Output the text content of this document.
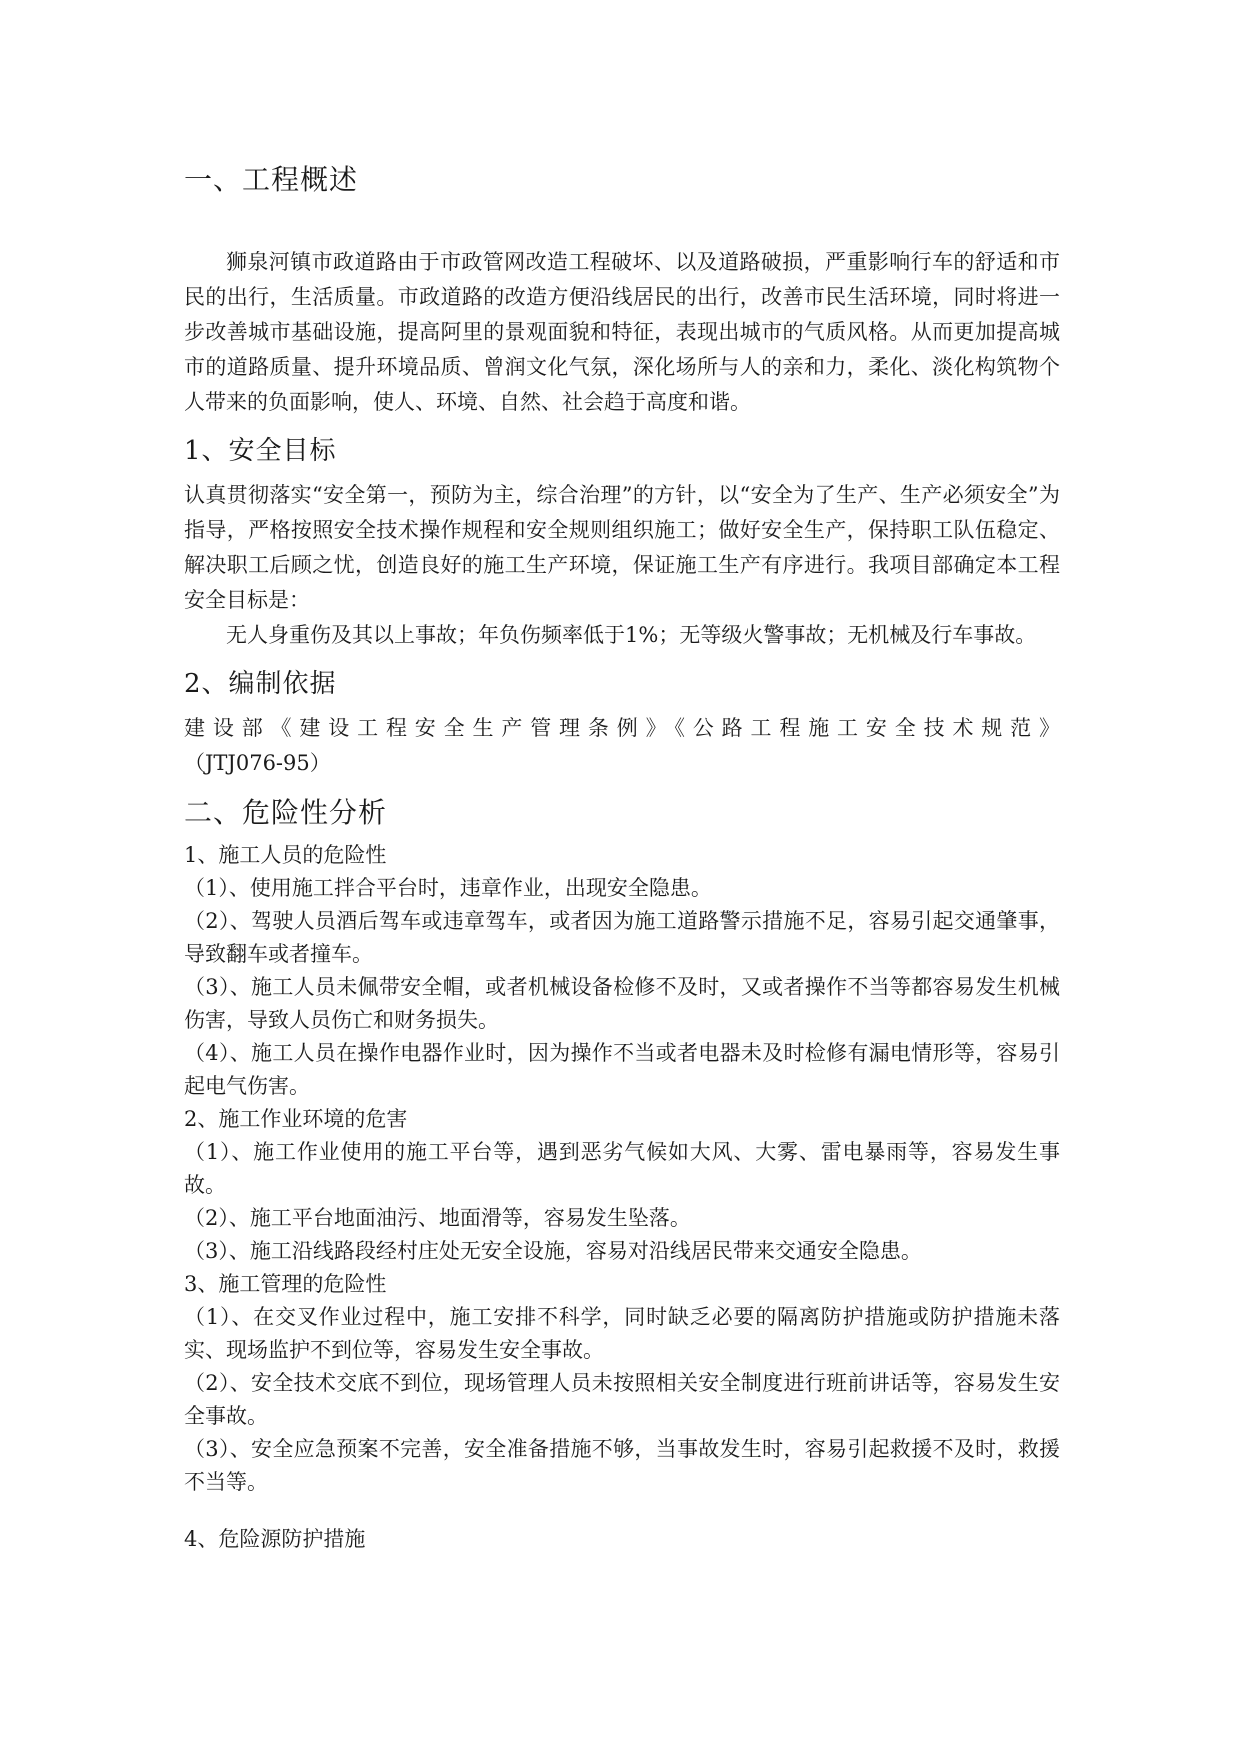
一、工程概述

狮泉河镇市政道路由于市政管网改造工程破坏、以及道路破损，严重影响行车的舒适和市民的出行，生活质量。市政道路的改造方便沿线居民的出行，改善市民生活环境，同时将进一步改善城市基础设施，提高阿里的景观面貌和特征，表现出城市的气质风格。从而更加提高城市的道路质量、提升环境品质、曾润文化气氛，深化场所与人的亲和力，柔化、淡化构筑物个人带来的负面影响，使人、环境、自然、社会趋于高度和谐。

1、安全目标

认真贯彻落实“安全第一，预防为主，综合治理”的方针，以“安全为了生产、生产必须安全”为指导，严格按照安全技术操作规程和安全规则组织施工；做好安全生产，保持职工队伍稳定、解决职工后顾之忧，创造良好的施工生产环境，保证施工生产有序进行。我项目部确定本工程安全目标是：

无人身重伤及其以上事故；年负伤频率低于1%；无等级火警事故；无机械及行车事故。

2、编制依据

建设部《建设工程安全生产管理条例》《公路工程施工安全技术规范》

（JTJ076-95）

二、危险性分析

1、施工人员的危险性

（1）、使用施工拌合平台时，违章作业，出现安全隐患。

（2）、驾驶人员酒后驾车或违章驾车，或者因为施工道路警示措施不足，容易引起交通肇事，导致翻车或者撞车。

（3）、施工人员未佩带安全帽，或者机械设备检修不及时，又或者操作不当等都容易发生机械伤害，导致人员伤亡和财务损失。

（4）、施工人员在操作电器作业时，因为操作不当或者电器未及时检修有漏电情形等，容易引起电气伤害。

2、施工作业环境的危害

（1）、施工作业使用的施工平台等，遇到恶劣气候如大风、大雾、雷电暴雨等，容易发生事故。

（2）、施工平台地面油污、地面滑等，容易发生坠落。

（3）、施工沿线路段经村庄处无安全设施，容易对沿线居民带来交通安全隐患。

3、施工管理的危险性

（1）、在交叉作业过程中，施工安排不科学，同时缺乏必要的隔离防护措施或防护措施未落实、现场监护不到位等，容易发生安全事故。

（2）、安全技术交底不到位，现场管理人员未按照相关安全制度进行班前讲话等，容易发生安全事故。

（3）、安全应急预案不完善，安全准备措施不够，当事故发生时，容易引起救援不及时，救援不当等。

4、危险源防护措施
